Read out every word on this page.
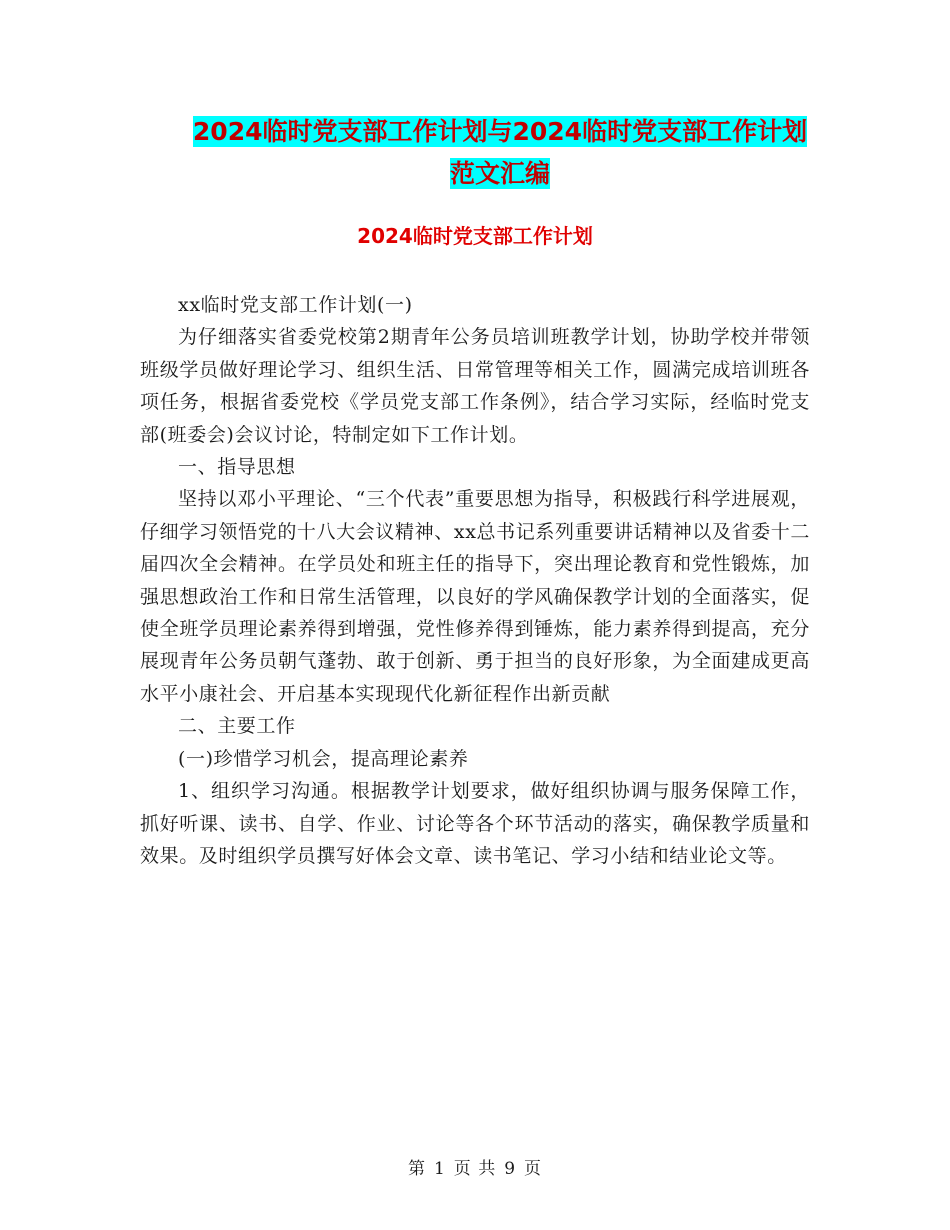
2024临时党支部工作计划与2024临时党支部工作计划
范文汇编
2024临时党支部工作计划

xx临时党支部工作计划(一)

为仔细落实省委党校第2期青年公务员培训班教学计划，协助学校并带领班级学员做好理论学习、组织生活、日常管理等相关工作，圆满完成培训班各项任务，根据省委党校《学员党支部工作条例》，结合学习实际，经临时党支部(班委会)会议讨论，特制定如下工作计划。

一、指导思想

坚持以邓小平理论、“三个代表”重要思想为指导，积极践行科学进展观，仔细学习领悟党的十八大会议精神、xx总书记系列重要讲话精神以及省委十二届四次全会精神。在学员处和班主任的指导下，突出理论教育和党性锻炼，加强思想政治工作和日常生活管理，以良好的学风确保教学计划的全面落实，促使全班学员理论素养得到增强，党性修养得到锤炼，能力素养得到提高，充分展现青年公务员朝气蓬勃、敢于创新、勇于担当的良好形象，为全面建成更高水平小康社会、开启基本实现现代化新征程作出新贡献

二、主要工作

(一)珍惜学习机会，提高理论素养

1、组织学习沟通。根据教学计划要求，做好组织协调与服务保障工作，抓好听课、读书、自学、作业、讨论等各个环节活动的落实，确保教学质量和效果。及时组织学员撰写好体会文章、读书笔记、学习小结和结业论文等。

第 1 页 共 9 页
